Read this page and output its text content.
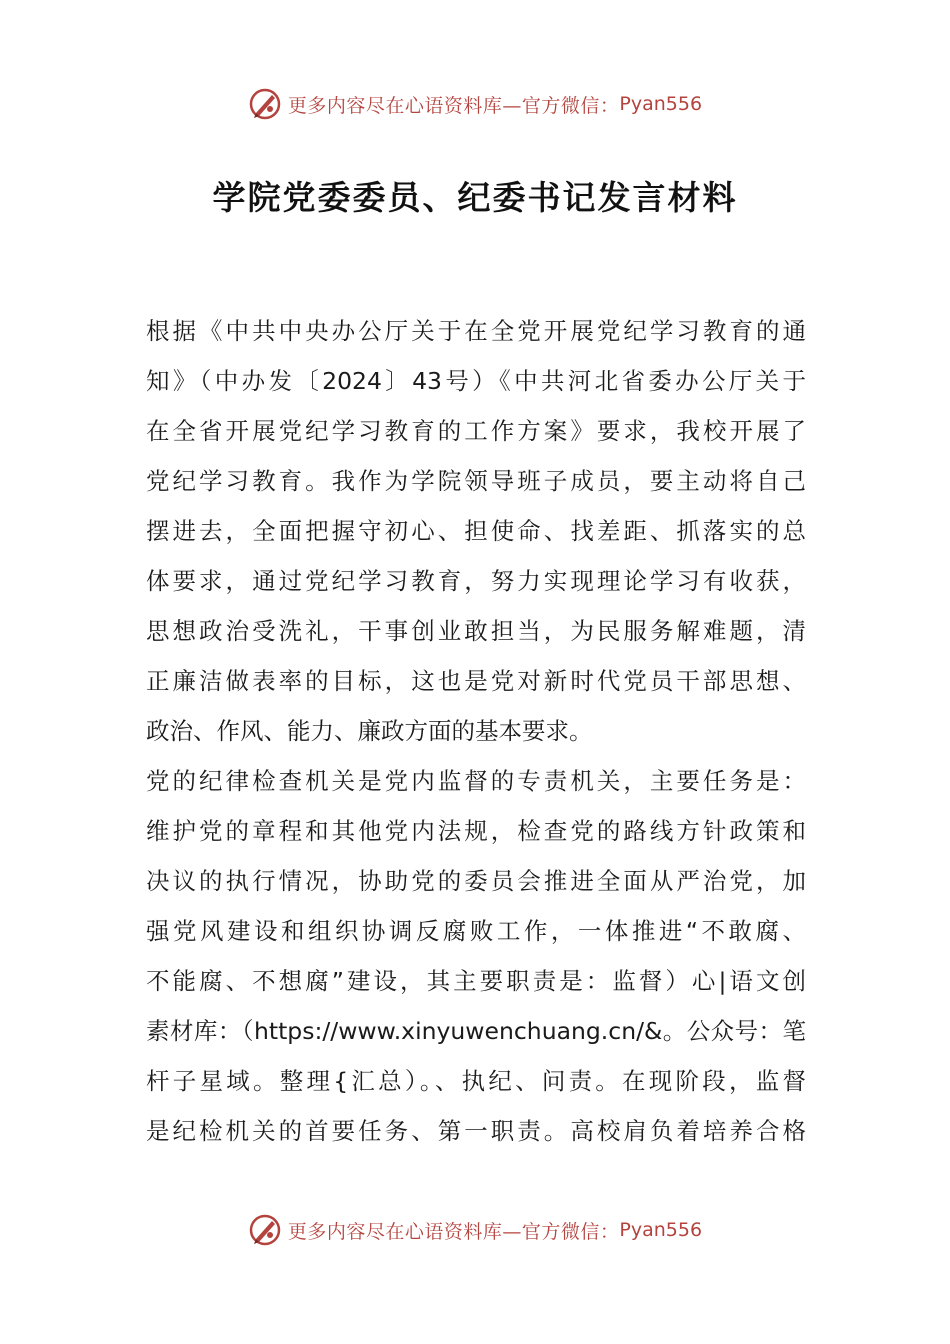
更多内容尽在心语资料库—官方微信： Pyan556
学院党委委员、纪委书记发言材料
根据《中共中央办公厅关于在全党开展党纪学习教育的通
知》（中办发〔2024〕43号）《中共河北省委办公厅关于
在全省开展党纪学习教育的工作方案》要求，我校开展了
党纪学习教育。我作为学院领导班子成员，要主动将自己
摆进去，全面把握守初心、担使命、找差距、抓落实的总
体要求，通过党纪学习教育，努力实现理论学习有收获，
思想政治受洗礼，干事创业敢担当，为民服务解难题，清
正廉洁做表率的目标，这也是党对新时代党员干部思想、
政治、作风、能力、廉政方面的基本要求。
党的纪律检查机关是党内监督的专责机关，主要任务是：
维护党的章程和其他党内法规，检查党的路线方针政策和
决议的执行情况，协助党的委员会推进全面从严治党，加
强党风建设和组织协调反腐败工作，一体推进“不敢腐、
不能腐、不想腐”建设，其主要职责是：监督）心|语文创
素材库：（https://www.xinyuwenchuang.cn/&。公众号：笔
杆子星域。整理{汇总）。、执纪、问责。在现阶段，监督
是纪检机关的首要任务、第一职责。高校肩负着培养合格
更多内容尽在心语资料库—官方微信： Pyan556
